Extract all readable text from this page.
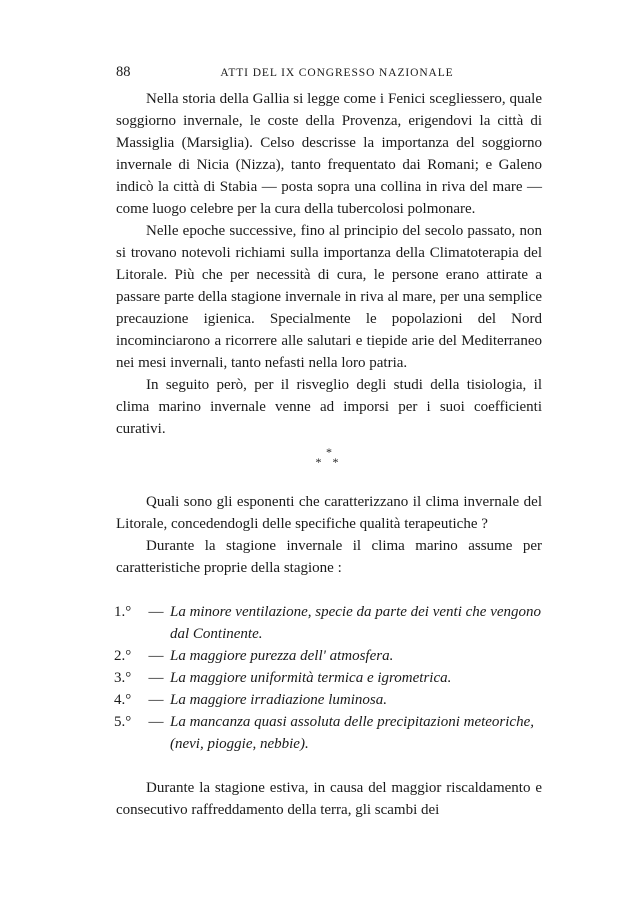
88	ATTI DEL IX CONGRESSO NAZIONALE

Nella storia della Gallia si legge come i Fenici scegliessero, quale soggiorno invernale, le coste della Provenza, erigendovi la città di Massiglia (Marsiglia). Celso descrisse la importanza del soggiorno invernale di Nicia (Nizza), tanto frequentato dai Romani; e Galeno indicò la città di Stabia — posta sopra una collina in riva del mare — come luogo celebre per la cura della tubercolosi polmonare.

Nelle epoche successive, fino al principio del secolo passato, non si trovano notevoli richiami sulla importanza della Climatoterapia del Litorale. Più che per necessità di cura, le persone erano attirate a passare parte della stagione invernale in riva al mare, per una semplice precauzione igienica. Specialmente le popolazioni del Nord incominciarono a ricorrere alle salutari e tiepide arie del Mediterraneo nei mesi invernali, tanto nefasti nella loro patria.

In seguito però, per il risveglio degli studi della tisiologia, il clima marino invernale venne ad imporsi per i suoi coefficienti curativi.

*
* *

Quali sono gli esponenti che caratterizzano il clima invernale del Litorale, concedendogli delle specifiche qualità terapeutiche ?

Durante la stagione invernale il clima marino assume per caratteristiche proprie della stagione :

1.°	— La minore ventilazione, specie da parte dei venti che vengono dal Continente.
2.°	— La maggiore purezza dell' atmosfera.
3.°	— La maggiore uniformità termica e igrometrica.
4.°	— La maggiore irradiazione luminosa.
5.°	— La mancanza quasi assoluta delle precipitazioni meteoriche, (nevi, pioggie, nebbie).

Durante la stagione estiva, in causa del maggior riscaldamento e consecutivo raffreddamento della terra, gli scambi dei
